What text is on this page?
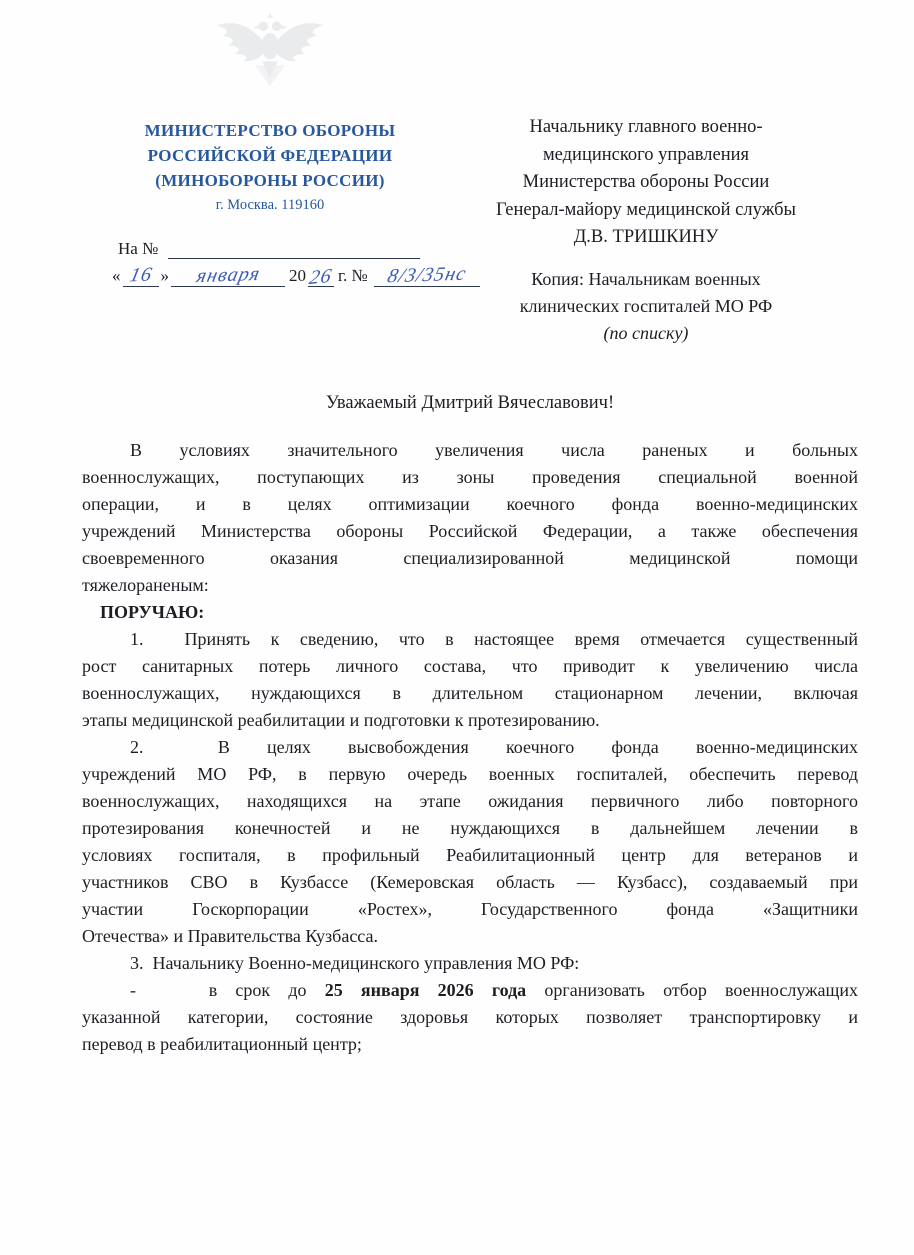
МИНИСТЕРСТВО ОБОРОНЫ
РОССИЙСКОЙ ФЕДЕРАЦИИ
(МИНОБОРОНЫ РОССИИ)
г. Москва. 119160
На №
« 16 » января 20 26 г. № 8/3/35нс
Начальнику главного военно-
медицинского управления
Министерства обороны России
Генерал-майору медицинской службы
Д.В. ТРИШКИНУ
Копия: Начальникам военных
клинических госпиталей МО РФ
(по списку)
Уважаемый Дмитрий Вячеславович!
В условиях значительного увеличения числа раненых и больных
военнослужащих, поступающих из зоны проведения специальной военной
операции, и в целях оптимизации коечного фонда военно-медицинских
учреждений Министерства обороны Российской Федерации, а также обеспечения
своевременного оказания специализированной медицинской помощи
тяжелораненым:
ПОРУЧАЮ:
1.  Принять к сведению, что в настоящее время отмечается существенный
рост санитарных потерь личного состава, что приводит к увеличению числа
военнослужащих, нуждающихся в длительном стационарном лечении, включая
этапы медицинской реабилитации и подготовки к протезированию.
2.  В целях высвобождения коечного фонда военно-медицинских
учреждений МО РФ, в первую очередь военных госпиталей, обеспечить перевод
военнослужащих, находящихся на этапе ожидания первичного либо повторного
протезирования конечностей и не нуждающихся в дальнейшем лечении в
условиях госпиталя, в профильный Реабилитационный центр для ветеранов и
участников СВО в Кузбассе (Кемеровская область — Кузбасс), создаваемый при
участии Госкорпорации «Ростех», Государственного фонда «Защитники
Отечества» и Правительства Кузбасса.
3.  Начальнику Военно-медицинского управления МО РФ:
-    в срок до 25 января 2026 года организовать отбор военнослужащих
указанной категории, состояние здоровья которых позволяет транспортировку и
перевод в реабилитационный центр;
